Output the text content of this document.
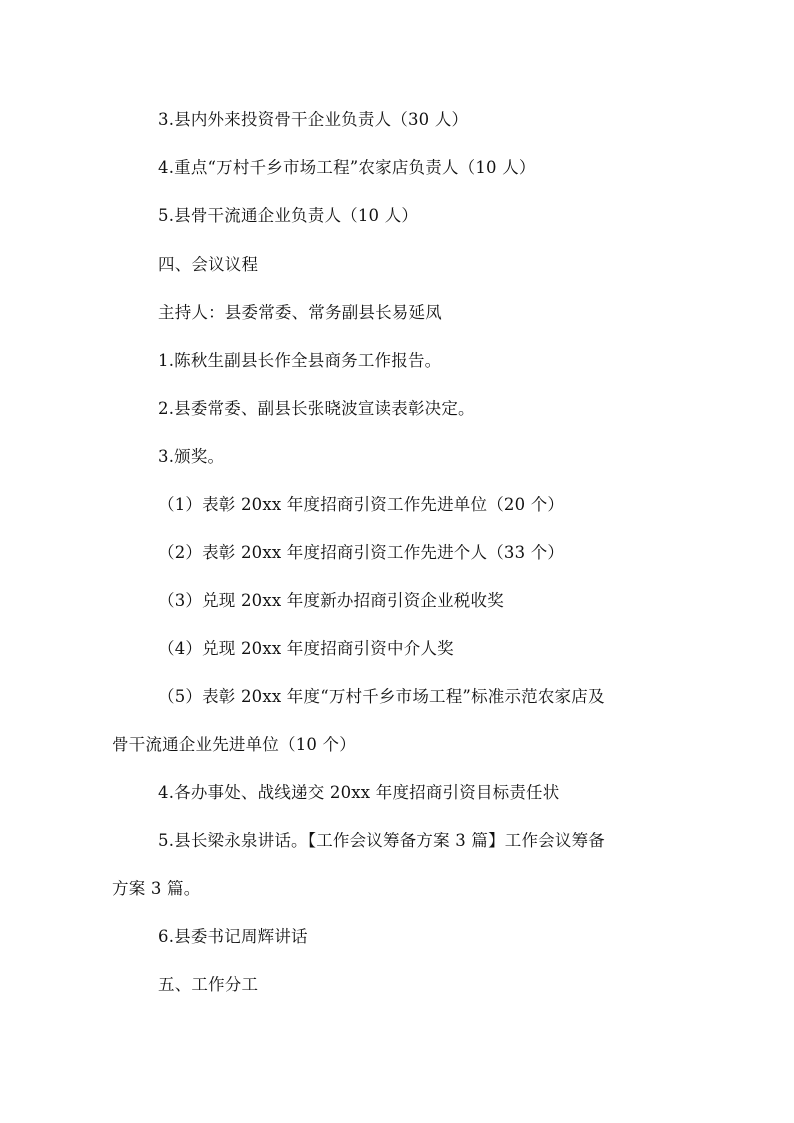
3.县内外来投资骨干企业负责人（30 人）
4.重点“万村千乡市场工程”农家店负责人（10 人）
5.县骨干流通企业负责人（10 人）
四、会议议程
主持人：县委常委、常务副县长易延凤
1.陈秋生副县长作全县商务工作报告。
2.县委常委、副县长张晓波宣读表彰决定。
3.颁奖。
（1）表彰 20xx 年度招商引资工作先进单位（20 个）
（2）表彰 20xx 年度招商引资工作先进个人（33 个）
（3）兑现 20xx 年度新办招商引资企业税收奖
（4）兑现 20xx 年度招商引资中介人奖
（5）表彰 20xx 年度“万村千乡市场工程”标准示范农家店及
骨干流通企业先进单位（10 个）
4.各办事处、战线递交 20xx 年度招商引资目标责任状
5.县长梁永泉讲话。【工作会议筹备方案 3 篇】工作会议筹备
方案 3 篇。
6.县委书记周辉讲话
五、工作分工
